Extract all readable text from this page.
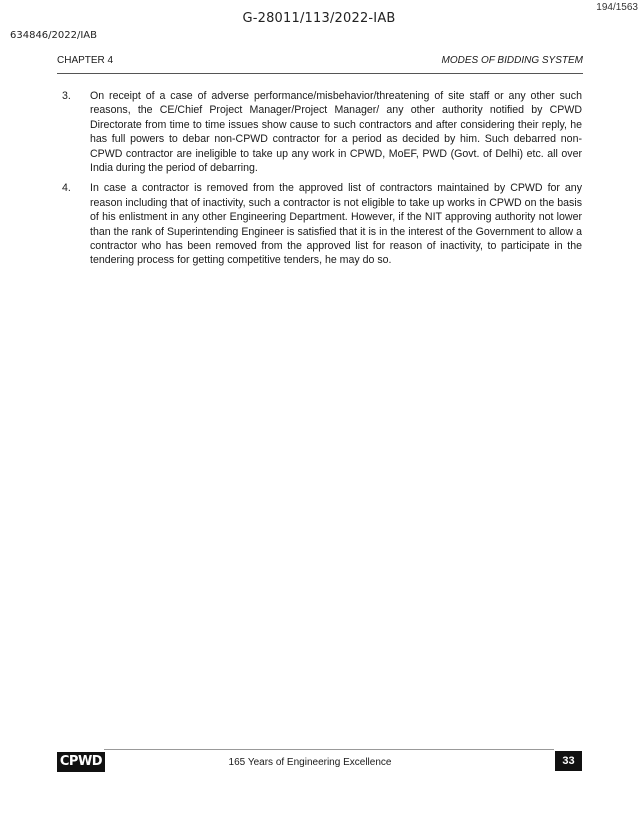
194/1563
G-28011/113/2022-IAB
634846/2022/IAB
CHAPTER 4	MODES OF BIDDING SYSTEM
3. On receipt of a case of adverse performance/misbehavior/threatening of site staff or any other such reasons, the CE/Chief Project Manager/Project Manager/ any other authority notified by CPWD Directorate from time to time issues show cause to such contractors and after considering their reply, he has full powers to debar non-CPWD contractor for a period as decided by him. Such debarred non-CPWD contractor are ineligible to take up any work in CPWD, MoEF, PWD (Govt. of Delhi) etc. all over India during the period of debarring.
4. In case a contractor is removed from the approved list of contractors maintained by CPWD for any reason including that of inactivity, such a contractor is not eligible to take up works in CPWD on the basis of his enlistment in any other Engineering Department. However, if the NIT approving authority not lower than the rank of Superintending Engineer is satisfied that it is in the interest of the Government to allow a contractor who has been removed from the approved list for reason of inactivity, to participate in the tendering process for getting competitive tenders, he may do so.
CPWD	165 Years of Engineering Excellence	33
